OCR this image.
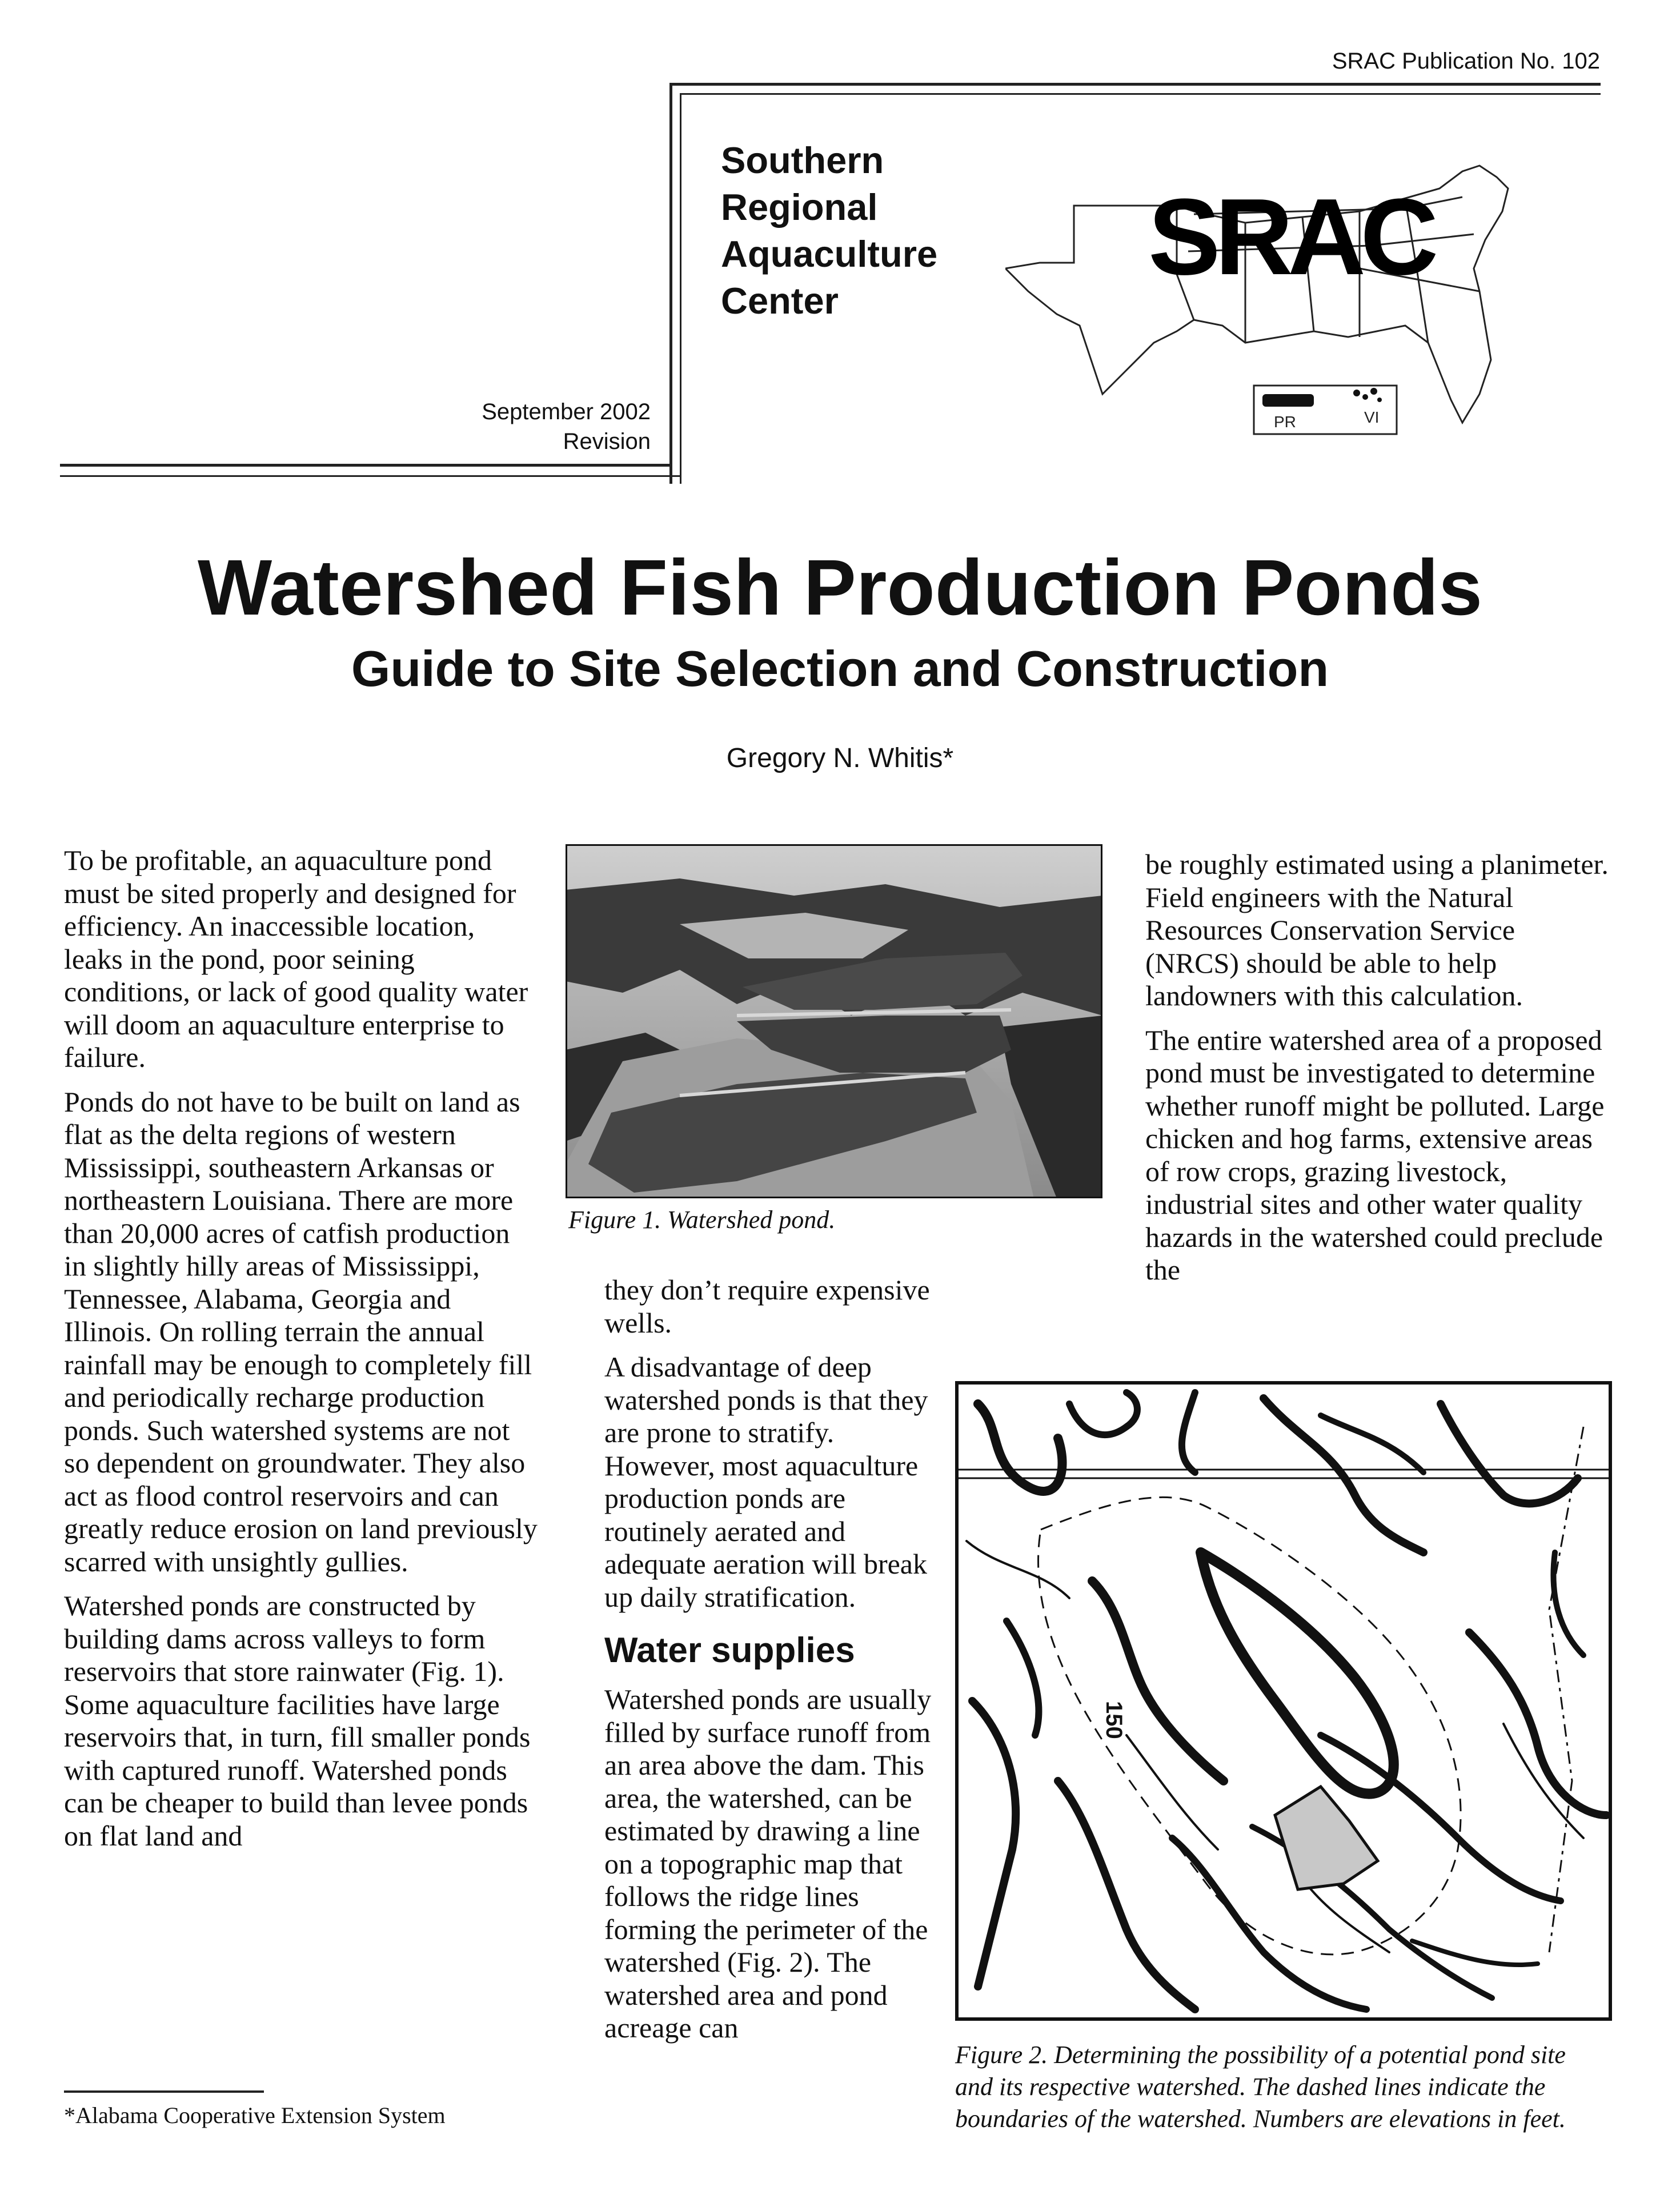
SRAC Publication No. 102
Southern
Regional
Aquaculture
Center
SRAC
PR	VI
September 2002
Revision
Watershed Fish Production Ponds
Guide to Site Selection and Construction
Gregory N. Whitis*

To be profitable, an aquaculture pond must be sited properly and designed for efficiency. An inaccessible location, leaks in the pond, poor seining conditions, or lack of good quality water will doom an aquaculture enterprise to failure.

Ponds do not have to be built on land as flat as the delta regions of western Mississippi, southeastern Arkansas or northeastern Louisiana. There are more than 20,000 acres of catfish production in slightly hilly areas of Mississippi, Tennessee, Alabama, Georgia and Illinois. On rolling terrain the annual rainfall may be enough to completely fill and periodically recharge production ponds. Such watershed systems are not so dependent on groundwater. They also act as flood control reservoirs and can greatly reduce erosion on land previously scarred with unsightly gullies.

Watershed ponds are constructed by building dams across valleys to form reservoirs that store rainwater (Fig. 1). Some aquaculture facilities have large reservoirs that, in turn, fill smaller ponds with captured runoff. Watershed ponds can be cheaper to build than levee ponds on flat land and

Figure 1. Watershed pond.

they don’t require expensive wells.

A disadvantage of deep watershed ponds is that they are prone to stratify. However, most aquaculture production ponds are routinely aerated and adequate aeration will break up daily stratification.

Water supplies

Watershed ponds are usually filled by surface runoff from an area above the dam. This area, the watershed, can be estimated by drawing a line on a topographic map that follows the ridge lines forming the perimeter of the watershed (Fig. 2). The watershed area and pond acreage can

be roughly estimated using a planimeter. Field engineers with the Natural Resources Conservation Service (NRCS) should be able to help landowners with this calculation.

The entire watershed area of a proposed pond must be investigated to determine whether runoff might be polluted. Large chicken and hog farms, extensive areas of row crops, grazing livestock, industrial sites and other water quality hazards in the watershed could preclude the

150
Figure 2. Determining the possibility of a potential pond site and its respective watershed. The dashed lines indicate the boundaries of the watershed. Numbers are elevations in feet.
*Alabama Cooperative Extension System
